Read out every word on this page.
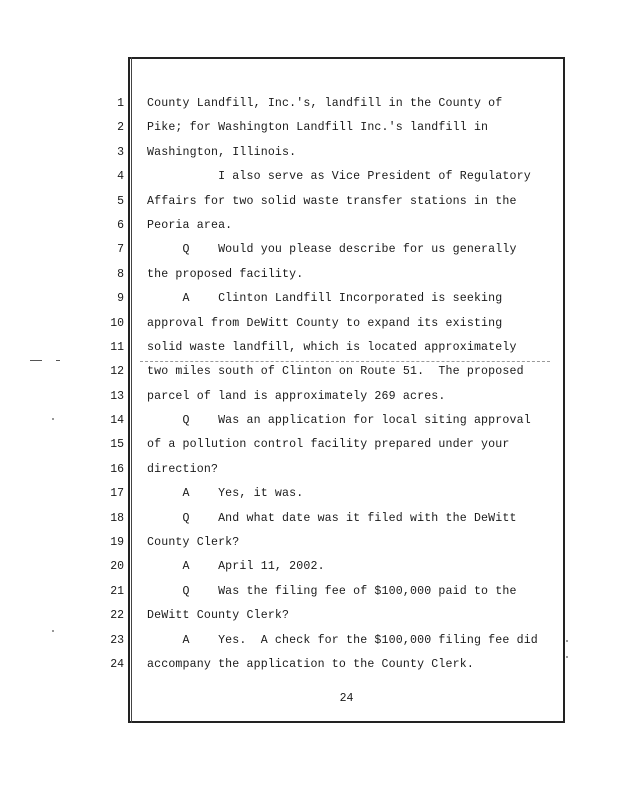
1
2
3
4
5
6
7
8
9
10
11
12
13
14
15
16
17
18
19
20
21
22
23
24
County Landfill, Inc.'s, landfill in the County of
Pike; for Washington Landfill Inc.'s landfill in
Washington, Illinois.
I also serve as Vice President of Regulatory
Affairs for two solid waste transfer stations in the
Peoria area.
Q    Would you please describe for us generally
the proposed facility.
A    Clinton Landfill Incorporated is seeking
approval from DeWitt County to expand its existing
solid waste landfill, which is located approximately
two miles south of Clinton on Route 51.  The proposed
parcel of land is approximately 269 acres.
Q    Was an application for local siting approval
of a pollution control facility prepared under your
direction?
A    Yes, it was.
Q    And what date was it filed with the DeWitt
County Clerk?
A    April 11, 2002.
Q    Was the filing fee of $100,000 paid to the
DeWitt County Clerk?
A    Yes.  A check for the $100,000 filing fee did
accompany the application to the County Clerk.
24
